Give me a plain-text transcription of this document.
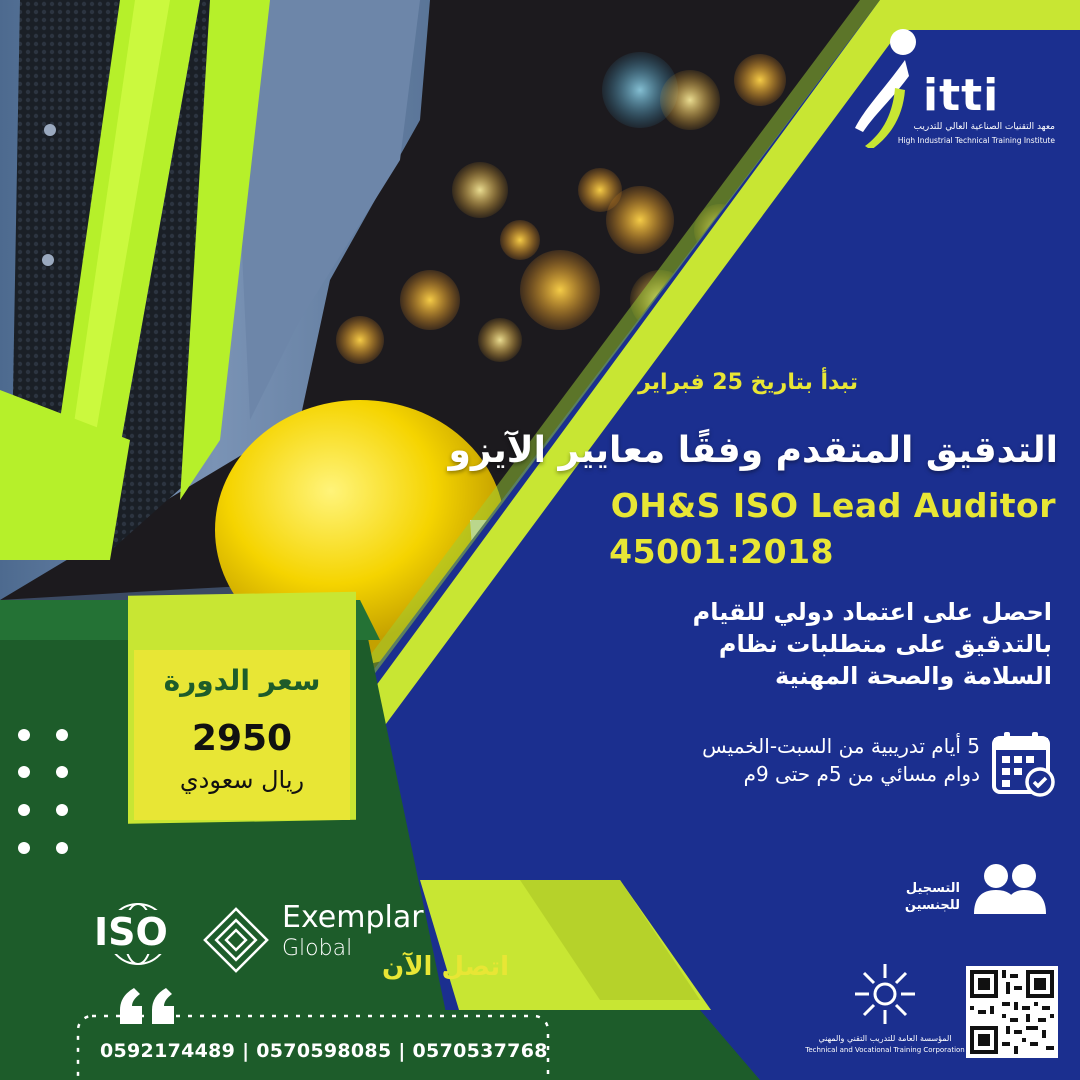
itti
معهد التقنيات الصناعية العالي للتدريب
High Industrial Technical Training Institute
تبدأ بتاريخ 25 فبراير
التدقيق المتقدم وفقًا معايير الآيزو
OH&S ISO Lead Auditor
45001:2018
احصل على اعتماد دولي للقيام
بالتدقيق على متطلبات نظام
السلامة والصحة المهنية
5 أيام تدريبية من السبت-الخميس
دوام مسائي من 5م حتى 9م
سعر الدورة
2950
ريال سعودي
التسجيل
للجنسين
ISO	Exemplar
Global
اتصل الآن
0592174489 | 0570598085 | 0570537768
المؤسسة العامة للتدريب التقني والمهني
Technical and Vocational Training Corporation
